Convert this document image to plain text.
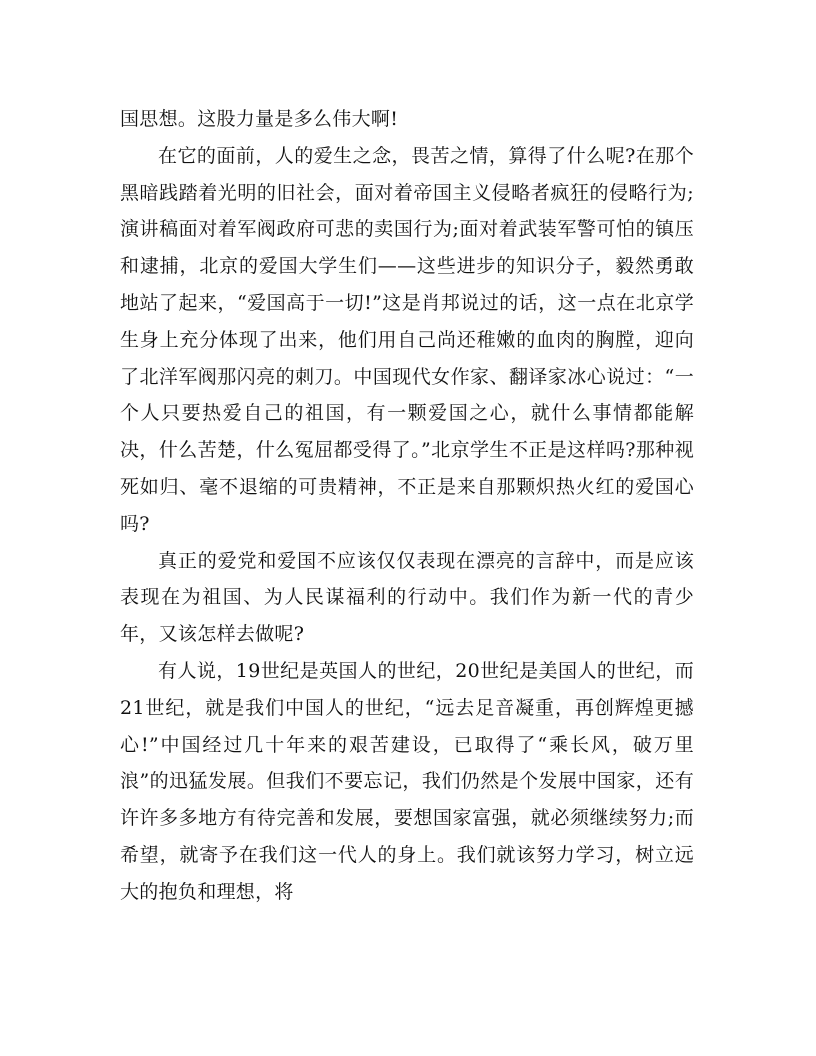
国思想。这股力量是多么伟大啊!

在它的面前，人的爱生之念，畏苦之情，算得了什么呢?在那个黑暗践踏着光明的旧社会，面对着帝国主义侵略者疯狂的侵略行为;演讲稿面对着军阀政府可悲的卖国行为;面对着武装军警可怕的镇压和逮捕，北京的爱国大学生们——这些进步的知识分子，毅然勇敢地站了起来，“爱国高于一切!”这是肖邦说过的话，这一点在北京学生身上充分体现了出来，他们用自己尚还稚嫩的血肉的胸膛，迎向了北洋军阀那闪亮的刺刀。中国现代女作家、翻译家冰心说过：“一个人只要热爱自己的祖国，有一颗爱国之心，就什么事情都能解决，什么苦楚，什么冤屈都受得了。”北京学生不正是这样吗?那种视死如归、毫不退缩的可贵精神，不正是来自那颗炽热火红的爱国心吗?

真正的爱党和爱国不应该仅仅表现在漂亮的言辞中，而是应该表现在为祖国、为人民谋福利的行动中。我们作为新一代的青少年，又该怎样去做呢?

有人说，19世纪是英国人的世纪，20世纪是美国人的世纪，而21世纪，就是我们中国人的世纪，“远去足音凝重，再创辉煌更撼心!”中国经过几十年来的艰苦建设，已取得了“乘长风，破万里浪”的迅猛发展。但我们不要忘记，我们仍然是个发展中国家，还有许许多多地方有待完善和发展，要想国家富强，就必须继续努力;而希望，就寄予在我们这一代人的身上。我们就该努力学习，树立远大的抱负和理想，将
